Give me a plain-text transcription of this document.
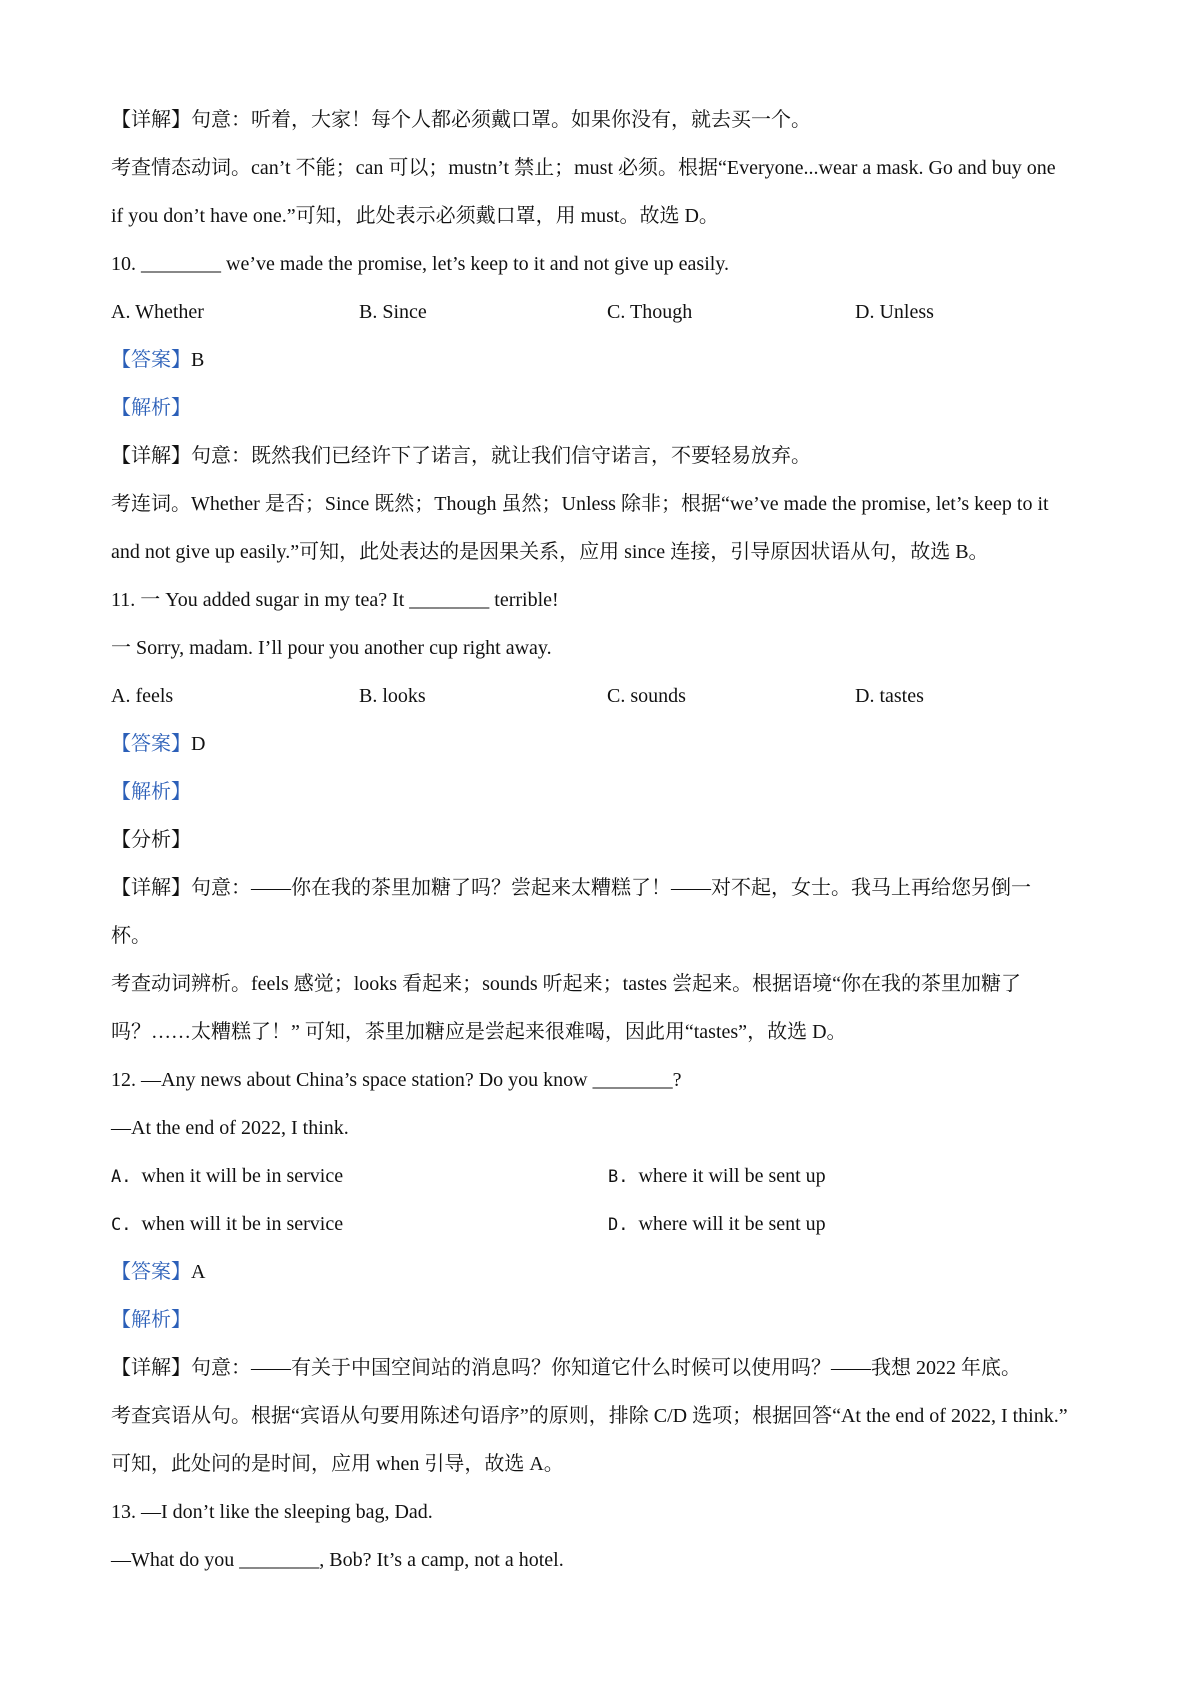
【详解】句意：听着，大家！每个人都必须戴口罩。如果你没有，就去买一个。
考查情态动词。can’t 不能；can 可以；mustn’t 禁止；must 必须。根据“Everyone...wear a mask. Go and buy one
if you don’t have one.”可知，此处表示必须戴口罩，用 must。故选 D。
10. ________ we’ve made the promise, let’s keep to it and not give up easily.
A. Whether	B. Since	C. Though	D. Unless
【答案】B
【解析】
【详解】句意：既然我们已经许下了诺言，就让我们信守诺言，不要轻易放弃。
考连词。Whether 是否；Since 既然；Though 虽然；Unless 除非；根据“we’ve made the promise, let’s keep to it
and not give up easily.”可知，此处表达的是因果关系，应用 since 连接，引导原因状语从句，故选 B。
11. 一 You added sugar in my tea? It ________ terrible!
一 Sorry, madam. I’ll pour you another cup right away.
A. feels	B. looks	C. sounds	D. tastes
【答案】D
【解析】
【分析】
【详解】句意：——你在我的茶里加糖了吗？尝起来太糟糕了！——对不起，女士。我马上再给您另倒一
杯。
考查动词辨析。feels 感觉；looks 看起来；sounds 听起来；tastes 尝起来。根据语境“你在我的茶里加糖了
吗？……太糟糕了！” 可知，茶里加糖应是尝起来很难喝，因此用“tastes”，故选 D。
12. —Any news about China’s space station? Do you know ________?
—At the end of 2022, I think.
A. when it will be in service	B. where it will be sent up
C. when will it be in service	D. where will it be sent up
【答案】A
【解析】
【详解】句意：——有关于中国空间站的消息吗？你知道它什么时候可以使用吗？——我想 2022 年底。
考查宾语从句。根据“宾语从句要用陈述句语序”的原则，排除 C/D 选项；根据回答“At the end of 2022, I think.”
可知，此处问的是时间，应用 when 引导，故选 A。
13. —I don’t like the sleeping bag, Dad.
—What do you ________, Bob? It’s a camp, not a hotel.
